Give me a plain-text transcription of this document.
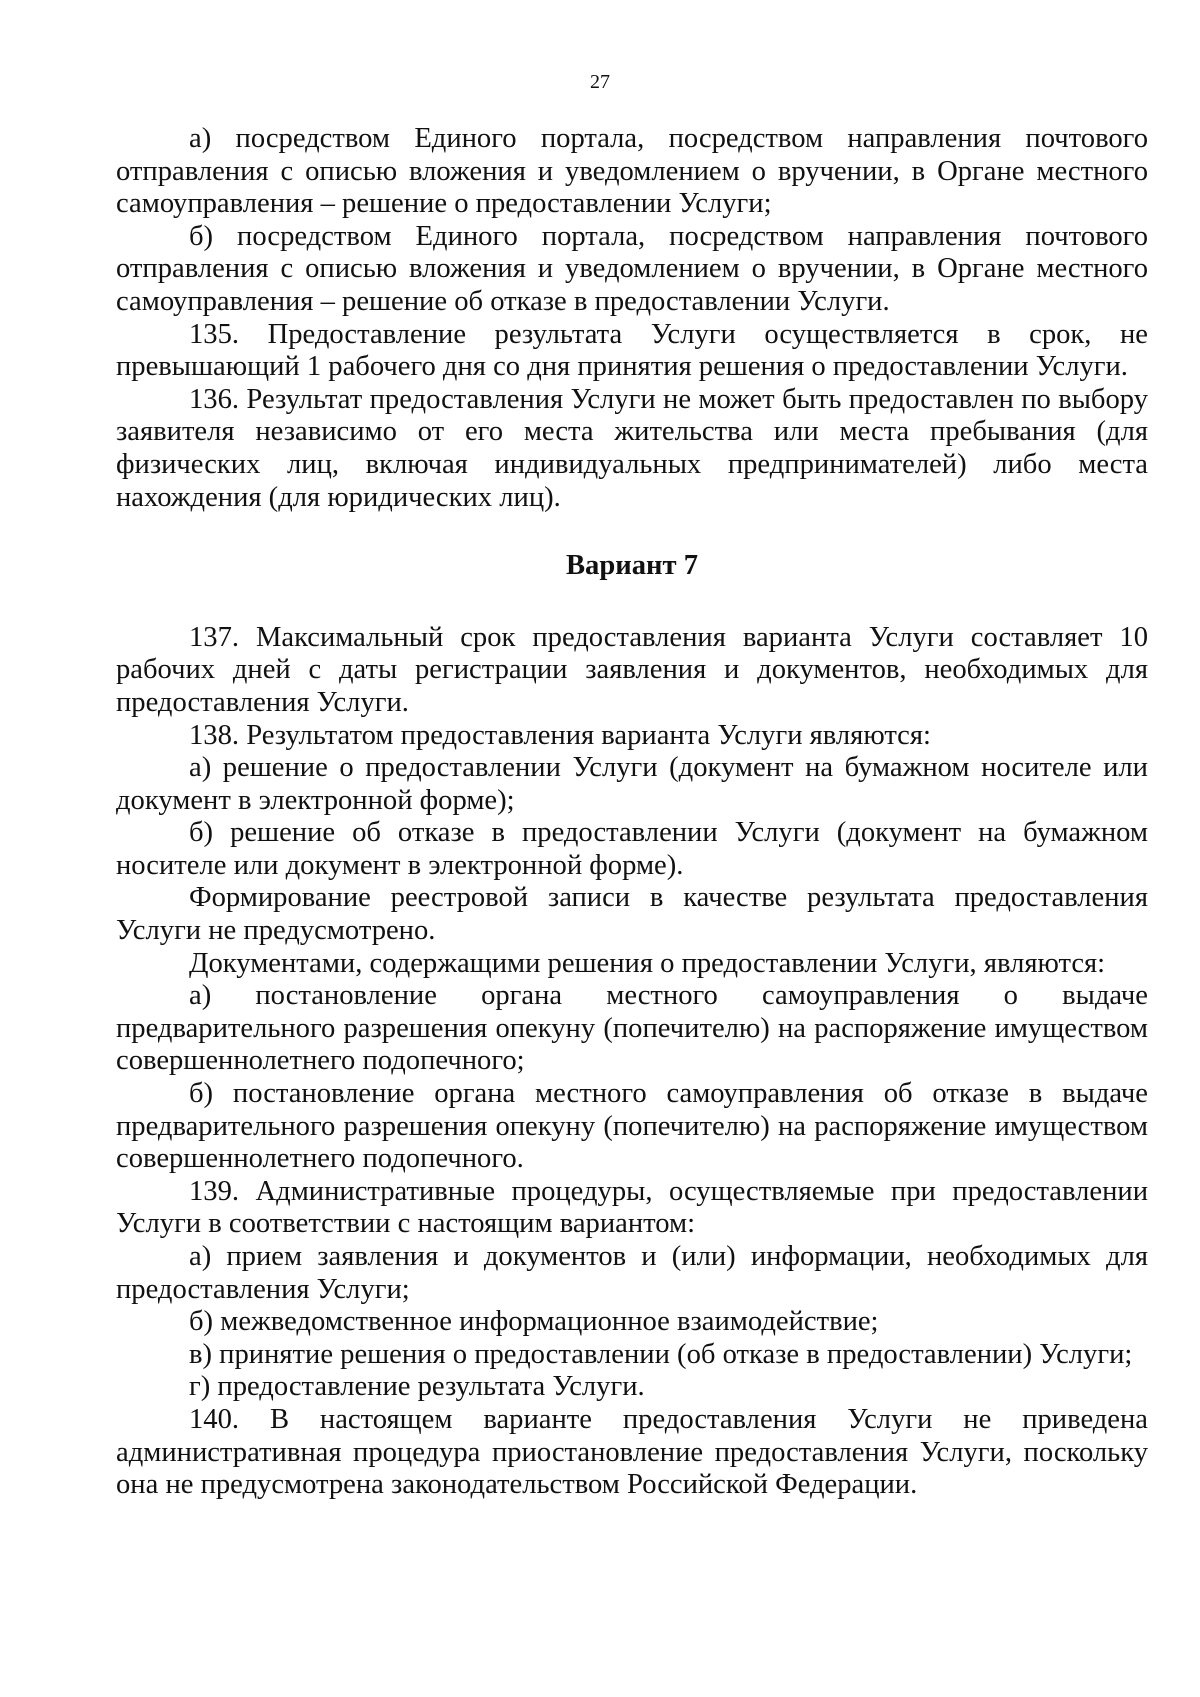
27

а) посредством Единого портала, посредством направления почтового отправления с описью вложения и уведомлением о вручении, в Органе местного самоуправления – решение о предоставлении Услуги;

б) посредством Единого портала, посредством направления почтового отправления с описью вложения и уведомлением о вручении, в Органе местного самоуправления – решение об отказе в предоставлении Услуги.

135. Предоставление результата Услуги осуществляется в срок, не превышающий 1 рабочего дня со дня принятия решения о предоставлении Услуги.

136. Результат предоставления Услуги не может быть предоставлен по выбору заявителя независимо от его места жительства или места пребывания (для физических лиц, включая индивидуальных предпринимателей) либо места нахождения (для юридических лиц).

Вариант 7

137. Максимальный срок предоставления варианта Услуги составляет 10 рабочих дней с даты регистрации заявления и документов, необходимых для предоставления Услуги.

138. Результатом предоставления варианта Услуги являются:

а) решение о предоставлении Услуги (документ на бумажном носителе или документ в электронной форме);

б) решение об отказе в предоставлении Услуги (документ на бумажном носителе или документ в электронной форме).

Формирование реестровой записи в качестве результата предоставления Услуги не предусмотрено.

Документами, содержащими решения о предоставлении Услуги, являются:

а) постановление органа местного самоуправления о выдаче предварительного разрешения опекуну (попечителю) на распоряжение имуществом совершеннолетнего подопечного;

б) постановление органа местного самоуправления об отказе в выдаче предварительного разрешения опекуну (попечителю) на распоряжение имуществом совершеннолетнего подопечного.

139. Административные процедуры, осуществляемые при предоставлении Услуги в соответствии с настоящим вариантом:

а) прием заявления и документов и (или) информации, необходимых для предоставления Услуги;

б) межведомственное информационное взаимодействие;

в) принятие решения о предоставлении (об отказе в предоставлении) Услуги;

г) предоставление результата Услуги.

140. В настоящем варианте предоставления Услуги не приведена административная процедура приостановление предоставления Услуги, поскольку она не предусмотрена законодательством Российской Федерации.
